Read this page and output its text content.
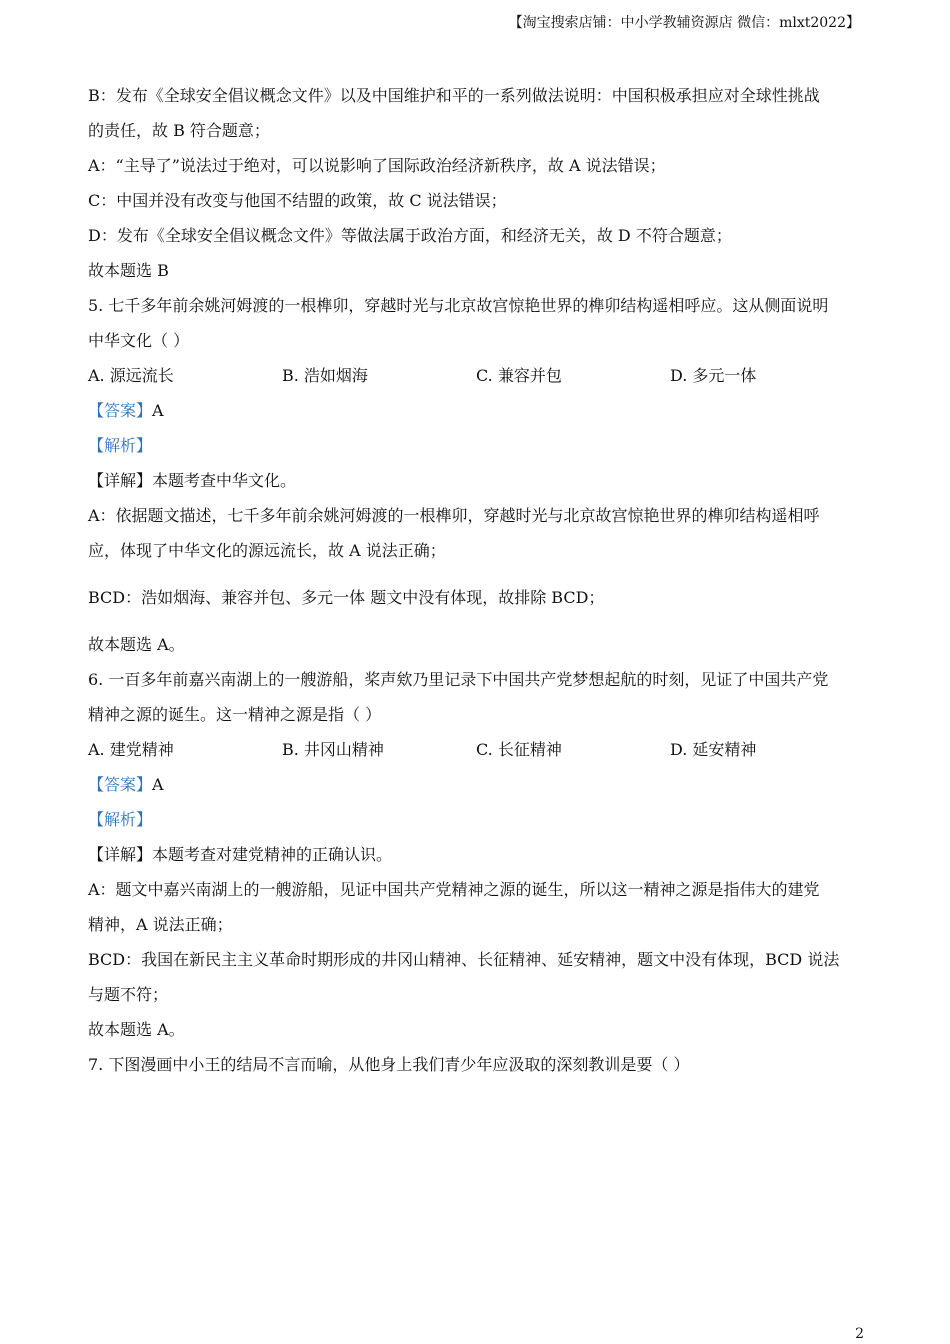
【淘宝搜索店铺：中小学教辅资源店 微信：mlxt2022】
B：发布《全球安全倡议概念文件》以及中国维护和平的一系列做法说明：中国积极承担应对全球性挑战
的责任，故 B 符合题意；
A：“主导了”说法过于绝对，可以说影响了国际政治经济新秩序，故 A 说法错误；
C：中国并没有改变与他国不结盟的政策，故 C 说法错误；
D：发布《全球安全倡议概念文件》等做法属于政治方面，和经济无关，故 D 不符合题意；
故本题选 B
5. 七千多年前余姚河姆渡的一根榫卯，穿越时光与北京故宫惊艳世界的榫卯结构遥相呼应。这从侧面说明
中华文化（ ）
A. 源远流长	B. 浩如烟海	C. 兼容并包	D. 多元一体
【答案】A
【解析】
【详解】本题考查中华文化。
A：依据题文描述，七千多年前余姚河姆渡的一根榫卯，穿越时光与北京故宫惊艳世界的榫卯结构遥相呼
应，体现了中华文化的源远流长，故 A 说法正确；
BCD：浩如烟海、兼容并包、多元一体 题文中没有体现，故排除 BCD；
故本题选 A。
6. 一百多年前嘉兴南湖上的一艘游船，桨声欸乃里记录下中国共产党梦想起航的时刻，见证了中国共产党
精神之源的诞生。这一精神之源是指（ ）
A. 建党精神	B. 井冈山精神	C. 长征精神	D. 延安精神
【答案】A
【解析】
【详解】本题考查对建党精神的正确认识。
A：题文中嘉兴南湖上的一艘游船，见证中国共产党精神之源的诞生，所以这一精神之源是指伟大的建党
精神，A 说法正确；
BCD：我国在新民主主义革命时期形成的井冈山精神、长征精神、延安精神，题文中没有体现，BCD 说法
与题不符；
故本题选 A。
7. 下图漫画中小王的结局不言而喻，从他身上我们青少年应汲取的深刻教训是要（ ）
2
